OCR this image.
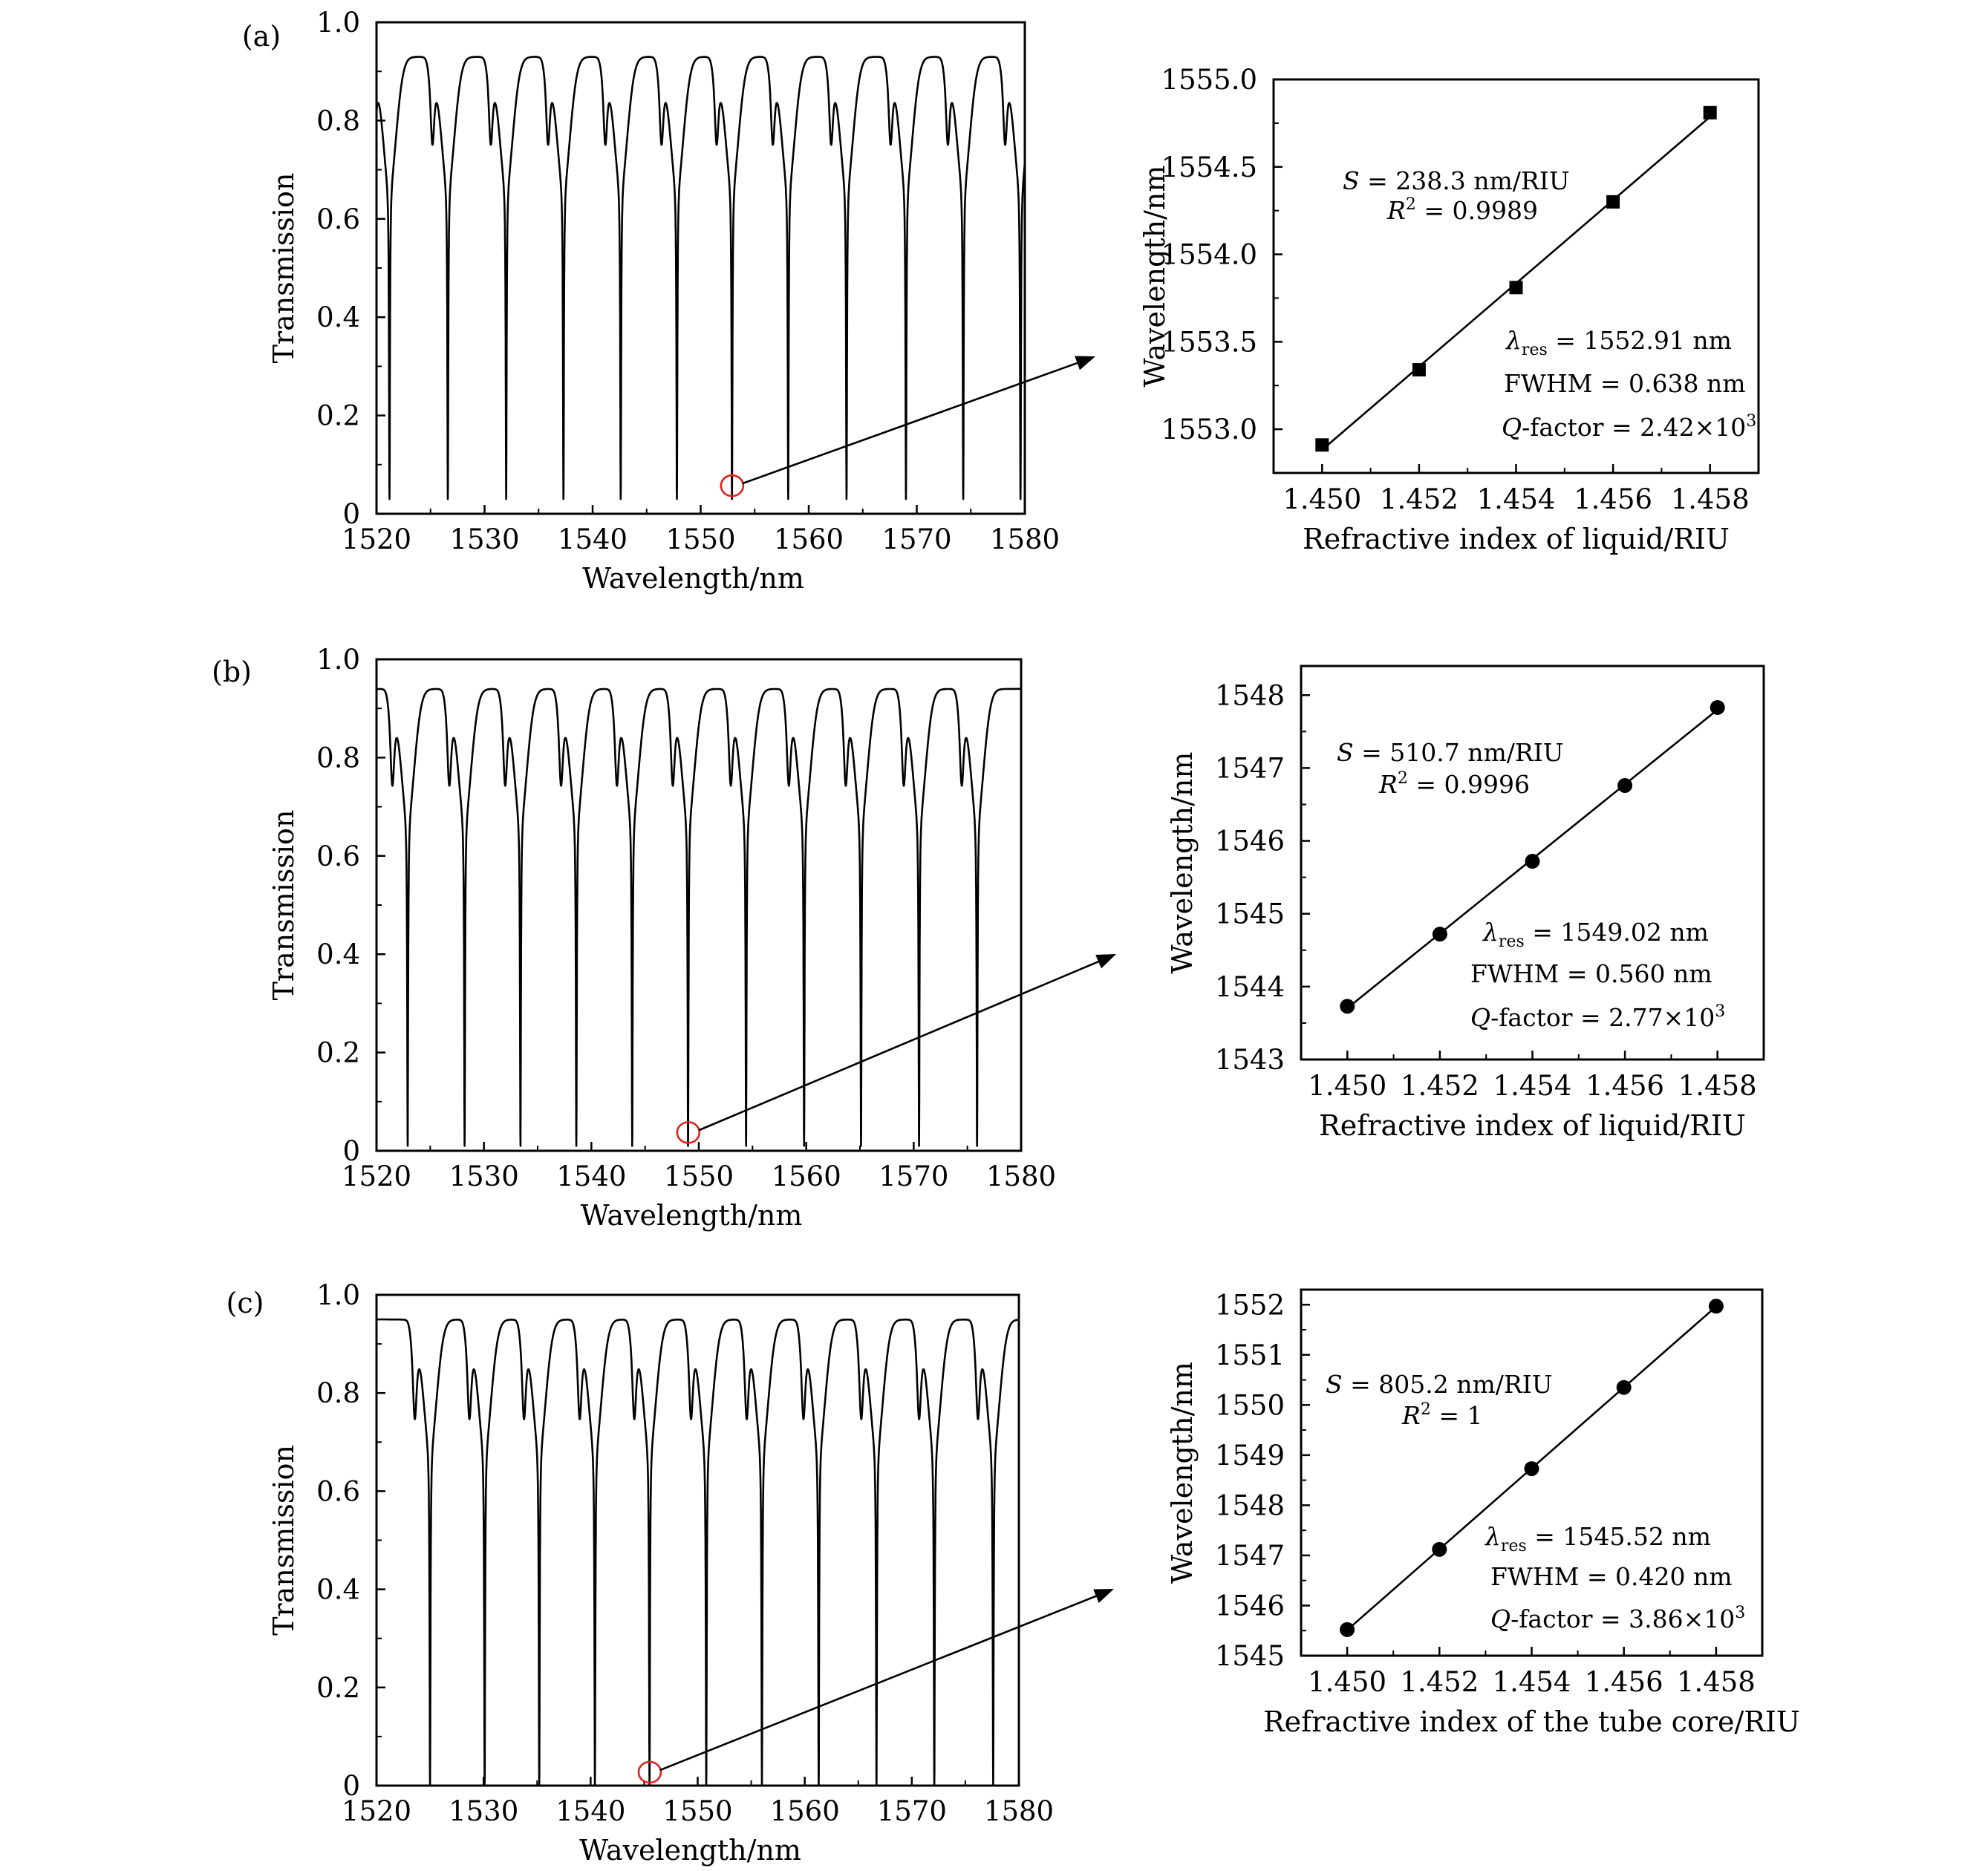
(a)
1520 1530 1540 1550 1560 1570 1580
0
0.2
0.4
0.6
0.8
1.0
Wavelength/nm
Transmission
1.450 1.452 1.454 1.456 1.458
1553.0
1553.5
1554.0
1554.5
1555.0
Refractive index of liquid/RIU
Wavelength/nm	S = 238.3 nm/RIU
$R^2 = 0.9989$
$\lambda_{res} = 1552.91$ nm
FWHM = 0.638 nm
Q-factor = $2.42\times 10^3$
(b)
1520 1530 1540 1550 1560 1570 1580
0
0.2
0.4
0.6
0.8
1.0
Wavelength/nm
Transmission
1.450 1.452 1.454 1.456 1.458
1543
1544
1545
1546
1547
1548
Refractive index of liquid/RIU
Wavelength/nm	S = 510.7 nm/RIU
$R^2 = 0.9996$
$\lambda_{res} = 1549.02$ nm
FWHM = 0.560 nm
Q-factor = $2.77\times 10^3$
(c)
1520 1530 1540 1550 1560 1570 1580
0
0.2
0.4
0.6
0.8
1.0
Wavelength/nm
Transmission
1.450 1.452 1.454 1.456 1.458
1545
1546
1547
1548
1549
1550
1551
1552
Refractive index of the tube core/RIU
Wavelength/nm	S = 805.2 nm/RIU
$R^2 = 1$
$\lambda_{res} = 1545.52$ nm
FWHM = 0.420 nm
Q-factor = $3.86\times 10^3$
